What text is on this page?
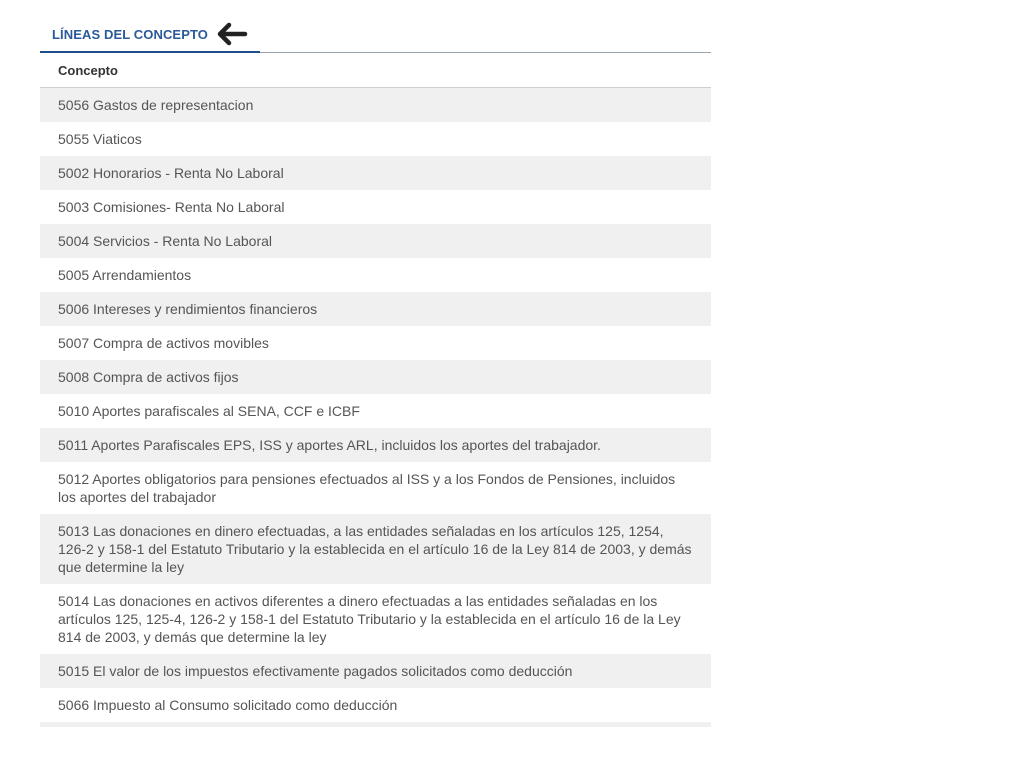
LÍNEAS DEL CONCEPTO
Concepto
5056 Gastos de representacion
5055 Viaticos
5002 Honorarios - Renta No Laboral
5003 Comisiones- Renta No Laboral
5004 Servicios - Renta No Laboral
5005 Arrendamientos
5006 Intereses y rendimientos financieros
5007 Compra de activos movibles
5008 Compra de activos fijos
5010 Aportes parafiscales al SENA, CCF e ICBF
5011 Aportes Parafiscales EPS, ISS y aportes ARL, incluidos los aportes del trabajador.
5012 Aportes obligatorios para pensiones efectuados al ISS y a los Fondos de Pensiones, incluidos los aportes del trabajador
5013 Las donaciones en dinero efectuadas, a las entidades señaladas en los artículos 125, 1254, 126-2 y 158-1 del Estatuto Tributario y la establecida en el artículo 16 de la Ley 814 de 2003, y demás que determine la ley
5014 Las donaciones en activos diferentes a dinero efectuadas a las entidades señaladas en los artículos 125, 125-4, 126-2 y 158-1 del Estatuto Tributario y la establecida en el artículo 16 de la Ley 814 de 2003, y demás que determine la ley
5015 El valor de los impuestos efectivamente pagados solicitados como deducción
5066 Impuesto al Consumo solicitado como deducción
